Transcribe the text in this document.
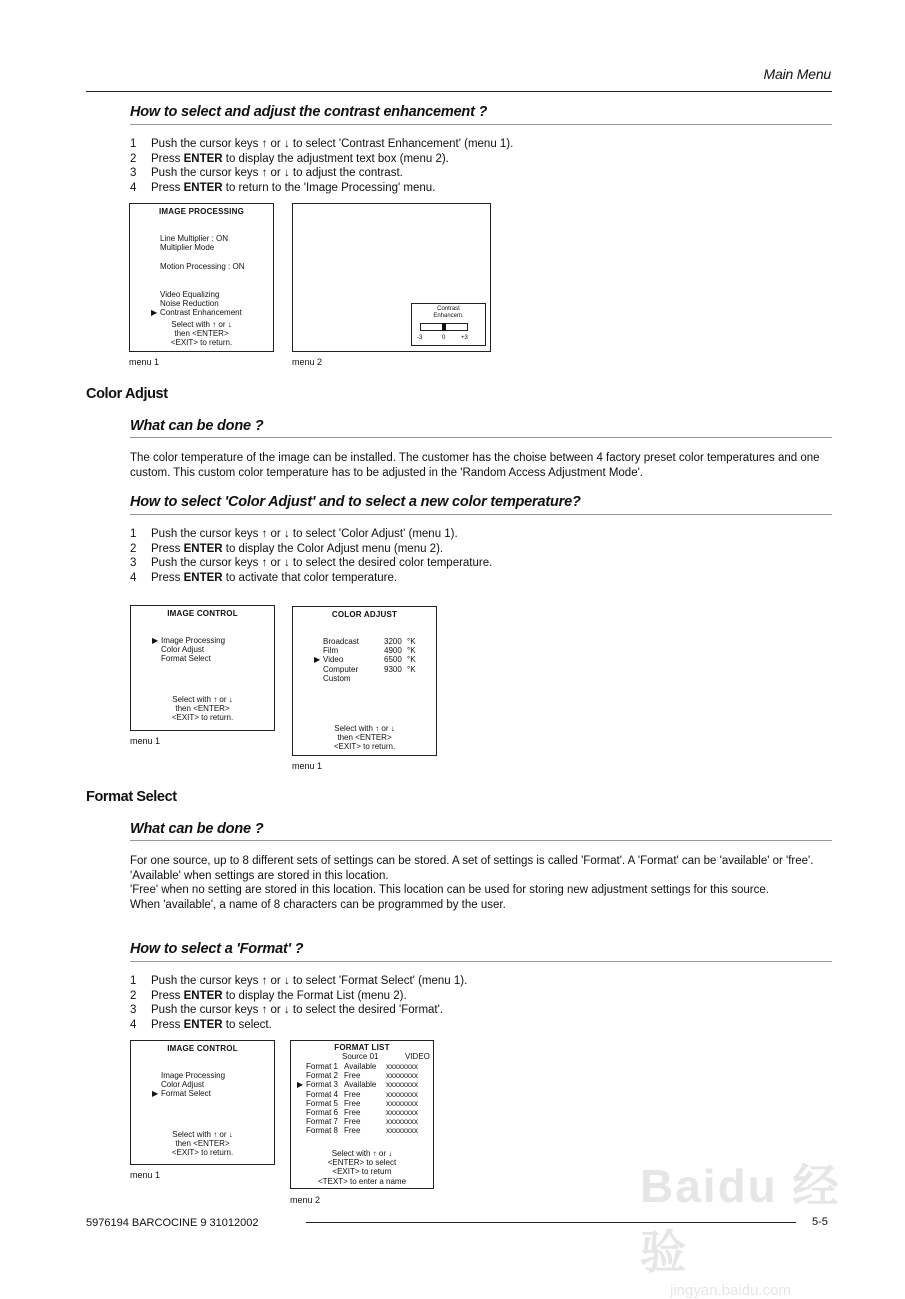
Main Menu
How to select and adjust the contrast enhancement ?
1 Push the cursor keys ↑ or ↓ to select 'Contrast Enhancement' (menu 1).
2 Press ENTER to display the adjustment text box (menu 2).
3 Push the cursor keys ↑ or ↓ to adjust the contrast.
4 Press ENTER to return to the 'Image Processing' menu.
IMAGE PROCESSING
Line Multiplier : ON
Multiplier Mode
Motion Processing : ON
Video Equalizing
Noise Reduction
▶ Contrast Enhancement
Select with ↑ or ↓
then <ENTER>
<EXIT> to return.
menu 1
Contrast
Enhancem.
-3	0	+3
menu 2
Color Adjust
What can be done ?

The color temperature of the image can be installed. The customer has the choise between 4 factory preset color temperatures and one custom. This custom color temperature has to be adjusted in the 'Random Access Adjustment Mode'.

How to select 'Color Adjust' and to select a new color temperature?
1 Push the cursor keys ↑ or ↓ to select 'Color Adjust' (menu 1).
2 Press ENTER to display the Color Adjust menu (menu 2).
3 Push the cursor keys ↑ or ↓ to select the desired color temperature.
4 Press ENTER to activate that color temperature.
IMAGE CONTROL
▶ Image Processing
Color Adjust
Format Select
Select with ↑ or ↓
then <ENTER>
<EXIT> to return.
menu 1
COLOR ADJUST
Broadcast	3200 °K
Film	4900 °K
▶ Video	6500 °K
Computer	9300 °K
Custom
Select with ↑ or ↓
then <ENTER>
<EXIT> to return.
menu 1
Format Select
What can be done ?

For one source, up to 8 different sets of settings can be stored. A set of settings is called 'Format'. A 'Format' can be 'available' or 'free'.

'Available' when settings are stored in this location.

'Free' when no setting are stored in this location. This location can be used for storing new adjustment settings for this source.

When 'available', a name of 8 characters can be programmed by the user.

How to select a 'Format' ?
1 Push the cursor keys ↑ or ↓ to select 'Format Select' (menu 1).
2 Press ENTER to display the Format List (menu 2).
3 Push the cursor keys ↑ or ↓ to select the desired 'Format'.
4 Press ENTER to select.
IMAGE CONTROL
Image Processing
Color Adjust
▶ Format Select
Select with ↑ or ↓
then <ENTER>
<EXIT> to return.
menu 1
FORMAT LIST
Source 01	VIDEO
Format 1 Available xxxxxxxx
Format 2 Free	xxxxxxxx
▶ Format 3 Available xxxxxxxx
Format 4 Free	xxxxxxxx
Format 5 Free	xxxxxxxx
Format 6 Free	xxxxxxxx
Format 7 Free	xxxxxxxx
Format 8 Free	xxxxxxxx
Select with ↑ or ↓
<ENTER> to select
<EXIT> to return
<TEXT> to enter a name
menu 2	Baidu 经验
jingyan.baidu.com
5976194 BARCOCINE 9 31012002	5-5
